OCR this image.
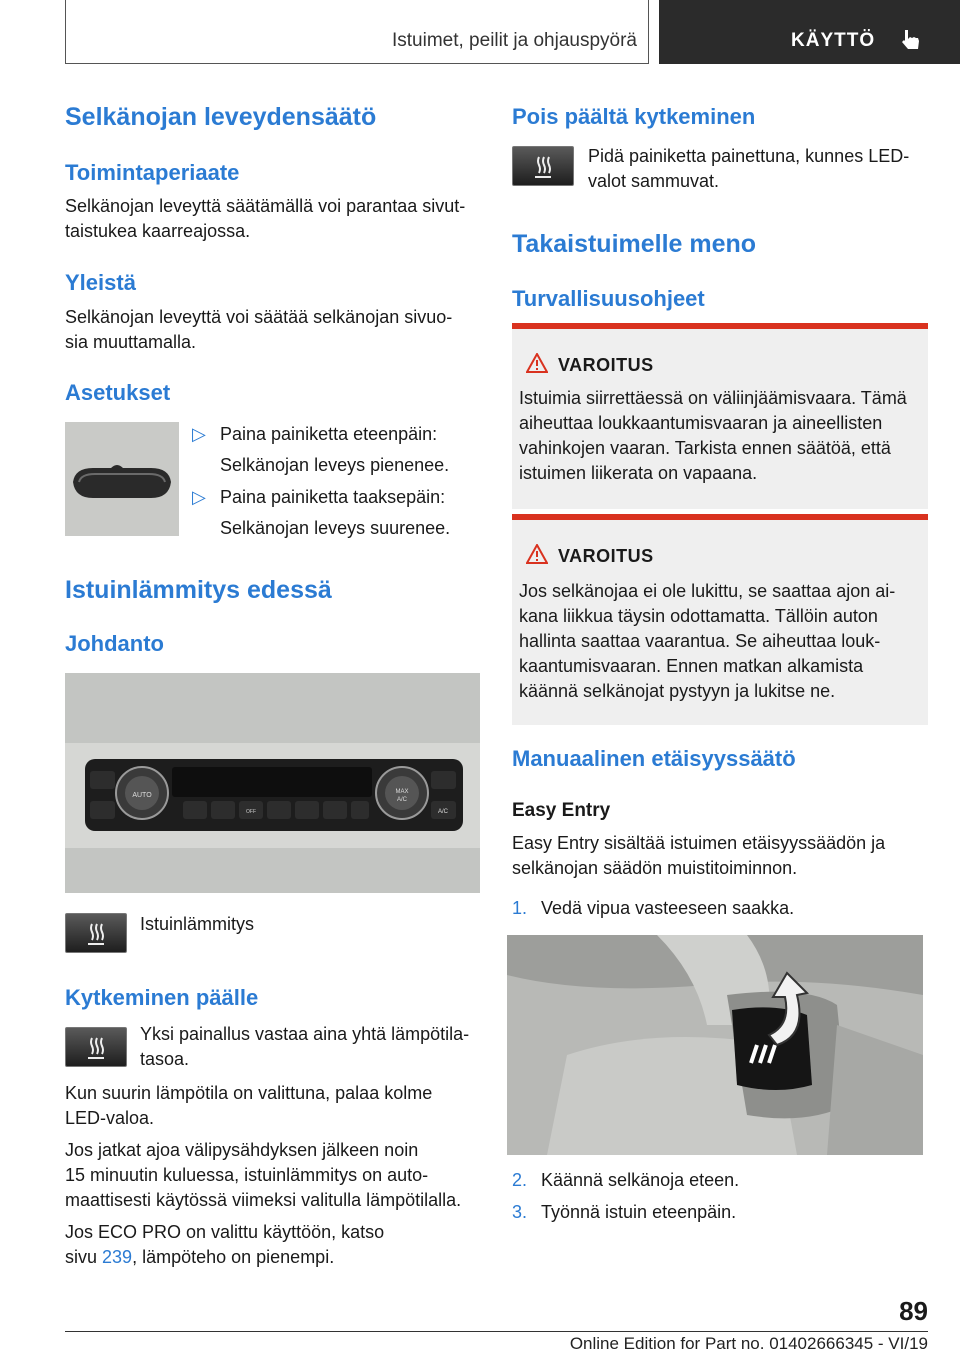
Istuimet, peilit ja ohjauspyörä	KÄYTTÖ
Selkänojan leveydensäätö
Toimintaperiaate
Selkänojan leveyttä säätämällä voi parantaa sivut-
taistukea kaarreajossa.
Yleistä
Selkänojan leveyttä voi säätää selkänojan sivuo-
sia muuttamalla.
Asetukset
▷ Paina painiketta eteenpäin:
Selkänojan leveys pienenee.
▷ Paina painiketta taaksepäin:
Selkänojan leveys suurenee.
Istuinlämmitys edessä
Johdanto
AUTO	MAX
A/C
A/C
OFF
Istuinlämmitys
Kytkeminen päälle
Yksi painallus vastaa aina yhtä lämpötila-
tasoa.
Kun suurin lämpötila on valittuna, palaa kolme
LED-valoa.
Jos jatkat ajoa välipysähdyksen jälkeen noin
15 minuutin kuluessa, istuinlämmitys on auto-
maattisesti käytössä viimeksi valitulla lämpötilalla.
Jos ECO PRO on valittu käyttöön, katso
sivu 239, lämpöteho on pienempi.
Pois päältä kytkeminen
Pidä painiketta painettuna, kunnes LED-
valot sammuvat.
Takaistuimelle meno
Turvallisuusohjeet
VAROITUS
Istuimia siirrettäessä on väliinjäämisvaara. Tämä
aiheuttaa loukkaantumisvaaran ja aineellisten
vahinkojen vaaran. Tarkista ennen säätöä, että
istuimen liikerata on vapaana.
VAROITUS
Jos selkänojaa ei ole lukittu, se saattaa ajon ai-
kana liikkua täysin odottamatta. Tällöin auton
hallinta saattaa vaarantua. Se aiheuttaa louk-
kaantumisvaaran. Ennen matkan alkamista
käännä selkänojat pystyyn ja lukitse ne.
Manuaalinen etäisyyssäätö
Easy Entry
Easy Entry sisältää istuimen etäisyyssäädön ja
selkänojan säädön muistitoiminnon.
1. Vedä vipua vasteeseen saakka.
2. Käännä selkänoja eteen.
3. Työnnä istuin eteenpäin.
89
Online Edition for Part no. 01402666345 - VI/19
